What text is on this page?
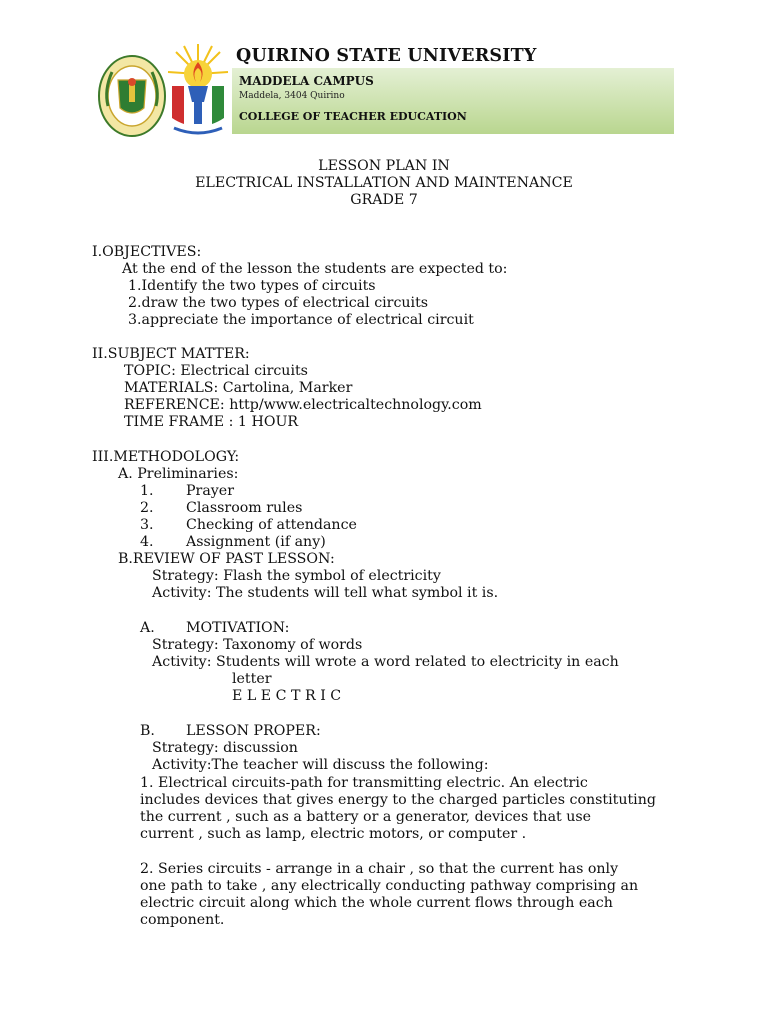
QUIRINO STATE UNIVERSITY
MADDELA CAMPUS
Maddela, 3404 Quirino
COLLEGE OF TEACHER EDUCATION
LESSON PLAN IN
ELECTRICAL INSTALLATION AND MAINTENANCE
GRADE 7
I.OBJECTIVES:
At the end of the lesson the students are expected to:
1.Identify the two types of circuits
2.draw the two types of electrical circuits
3.appreciate the importance of electrical circuit
II.SUBJECT MATTER:
TOPIC: Electrical circuits
MATERIALS: Cartolina, Marker
REFERENCE: http/www.electricaltechnology.com
TIME FRAME : 1 HOUR
III.METHODOLOGY:
A. Preliminaries:
1. Prayer
2. Classroom rules
3. Checking of attendance
4. Assignment (if any)
B.REVIEW OF PAST LESSON:
Strategy: Flash the symbol of electricity
Activity: The students will tell what symbol it is.
A. MOTIVATION:
Strategy: Taxonomy of words
Activity: Students will wrote a word related to electricity in each
letter
E L E C T R I C
B. LESSON PROPER:
Strategy: discussion
Activity:The teacher will discuss the following:
1. Electrical circuits-path for transmitting electric. An electric
includes devices that gives energy to the charged particles constituting
the current , such as a battery or a generator, devices that use
current , such as lamp, electric motors, or computer .
2. Series circuits - arrange in a chair , so that the current has only
one path to take , any electrically conducting pathway comprising an
electric circuit along which the whole current flows through each
component.
